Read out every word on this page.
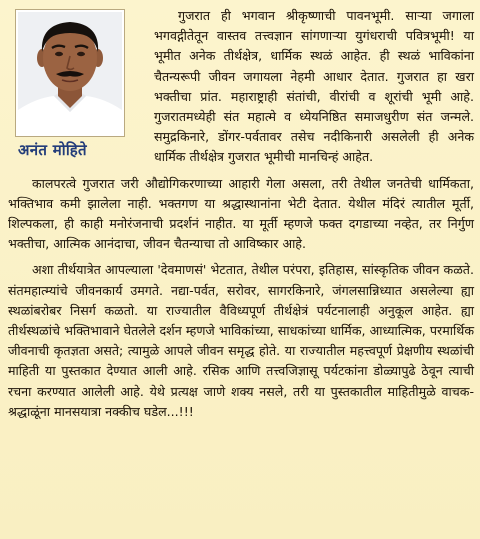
अनंत मोहिते

गुजरात ही भगवान श्रीकृष्णाची पावनभूमी. साऱ्या जगाला भगवद्गीतेतून वास्तव तत्त्वज्ञान सांगणाऱ्या युगंधराची पवित्रभूमी! या भूमीत अनेक तीर्थक्षेत्र, धार्मिक स्थळं आहेत. ही स्थळं भाविकांना चैतन्यरूपी जीवन जगायला नेहमी आधार देतात. गुजरात हा खरा भक्तीचा प्रांत. महाराष्ट्राही संतांची, वीरांची व शूरांची भूमी आहे. गुजरातमध्येही संत महात्मे व ध्येयनिष्ठित समाजधुरीण संत जन्मले. समुद्रकिनारे, डोंगर-पर्वतावर तसेच नदीकिनारी असलेली ही अनेक धार्मिक तीर्थक्षेत्र गुजरात भूमीची मानचिन्हं आहेत.

कालपरत्वे गुजरात जरी औद्योगिकरणाच्या आहारी गेला असला, तरी तेथील जनतेची धार्मिकता, भक्तिभाव कमी झालेला नाही. भक्तगण या श्रद्धास्थानांना भेटी देतात. येथील मंदिरं त्यातील मूर्ती, शिल्पकला, ही काही मनोरंजनाची प्रदर्शनं नाहीत. या मूर्ती म्हणजे फक्त दगडाच्या नव्हेत, तर निर्गुण भक्तीचा, आत्मिक आनंदाचा, जीवन चैतन्याचा तो आविष्कार आहे.

अशा तीर्थयात्रेत आपल्याला 'देवमाणसं' भेटतात, तेथील परंपरा, इतिहास, सांस्कृतिक जीवन कळते. संतमहात्म्यांचे जीवनकार्य उमगते. नद्या-पर्वत, सरोवर, सागरकिनारे, जंगलसान्निध्यात असलेल्या ह्या स्थळांबरोबर निसर्ग कळतो. या राज्यातील वैविध्यपूर्ण तीर्थक्षेत्रं पर्यटनालाही अनुकूल आहेत. ह्या तीर्थस्थळांचे भक्तिभावाने घेतलेले दर्शन म्हणजे भाविकांच्या, साधकांच्या धार्मिक, आध्यात्मिक, परमार्थिक जीवनाची कृतज्ञता असते; त्यामुळे आपले जीवन समृद्ध होते. या राज्यातील महत्त्वपूर्ण प्रेक्षणीय स्थळांची माहिती या पुस्तकात देण्यात आली आहे. रसिक आणि तत्त्वजिज्ञासू पर्यटकांना डोळ्यापुढे ठेवून त्याची रचना करण्यात आलेली आहे. येथे प्रत्यक्ष जाणे शक्य नसले, तरी या पुस्तकातील माहितीमुळे वाचक-श्रद्धाळूंना मानसयात्रा नक्कीच घडेल...!!!
